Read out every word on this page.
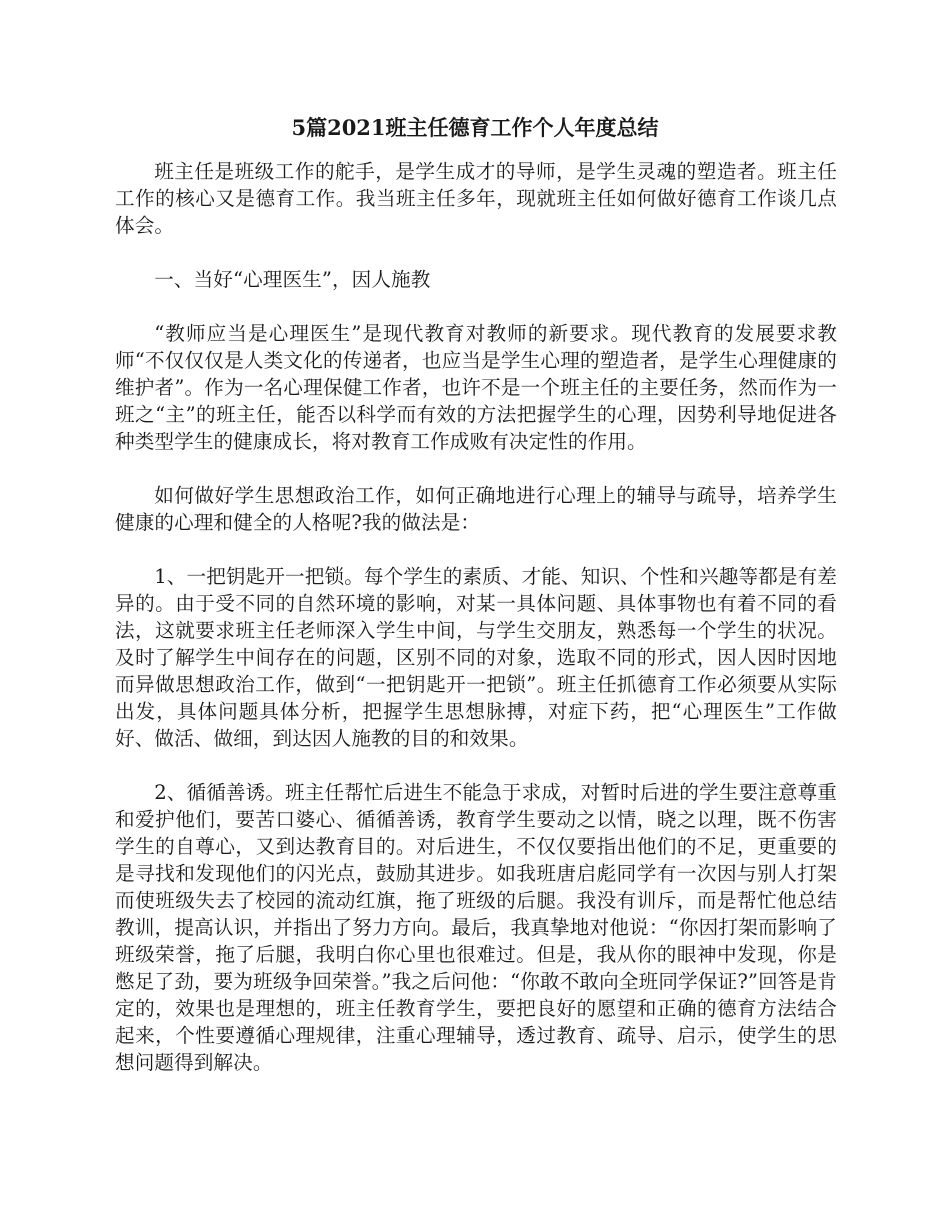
5篇2021班主任德育工作个人年度总结

班主任是班级工作的舵手，是学生成才的导师，是学生灵魂的塑造者。班主任工作的核心又是德育工作。我当班主任多年，现就班主任如何做好德育工作谈几点体会。

一、当好“心理医生”，因人施教

“教师应当是心理医生”是现代教育对教师的新要求。现代教育的发展要求教师“不仅仅仅是人类文化的传递者，也应当是学生心理的塑造者，是学生心理健康的维护者”。作为一名心理保健工作者，也许不是一个班主任的主要任务，然而作为一班之“主”的班主任，能否以科学而有效的方法把握学生的心理，因势利导地促进各种类型学生的健康成长，将对教育工作成败有决定性的作用。

如何做好学生思想政治工作，如何正确地进行心理上的辅导与疏导，培养学生健康的心理和健全的人格呢?我的做法是：

1、一把钥匙开一把锁。每个学生的素质、才能、知识、个性和兴趣等都是有差异的。由于受不同的自然环境的影响，对某一具体问题、具体事物也有着不同的看法，这就要求班主任老师深入学生中间，与学生交朋友，熟悉每一个学生的状况。及时了解学生中间存在的问题，区别不同的对象，选取不同的形式，因人因时因地而异做思想政治工作，做到“一把钥匙开一把锁”。班主任抓德育工作必须要从实际出发，具体问题具体分析，把握学生思想脉搏，对症下药，把“心理医生”工作做好、做活、做细，到达因人施教的目的和效果。

2、循循善诱。班主任帮忙后进生不能急于求成，对暂时后进的学生要注意尊重和爱护他们，要苦口婆心、循循善诱，教育学生要动之以情，晓之以理，既不伤害学生的自尊心，又到达教育目的。对后进生，不仅仅要指出他们的不足，更重要的是寻找和发现他们的闪光点，鼓励其进步。如我班唐启彪同学有一次因与别人打架而使班级失去了校园的流动红旗，拖了班级的后腿。我没有训斥，而是帮忙他总结教训，提高认识，并指出了努力方向。最后，我真挚地对他说：“你因打架而影响了班级荣誉，拖了后腿，我明白你心里也很难过。但是，我从你的眼神中发现，你是憋足了劲，要为班级争回荣誉。”我之后问他：“你敢不敢向全班同学保证?”回答是肯定的，效果也是理想的，班主任教育学生，要把良好的愿望和正确的德育方法结合起来，个性要遵循心理规律，注重心理辅导，透过教育、疏导、启示，使学生的思想问题得到解决。
